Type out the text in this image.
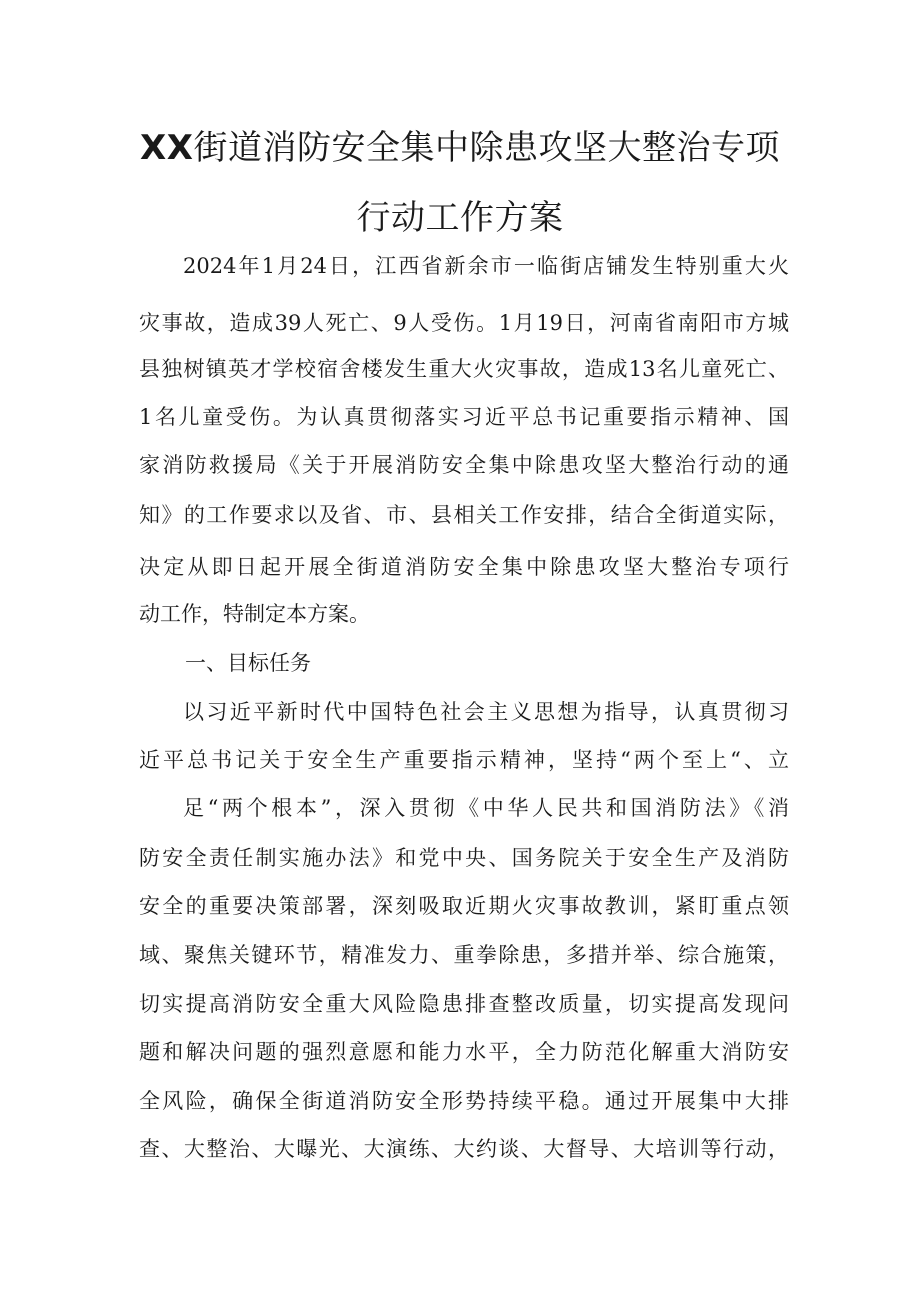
XX街道消防安全集中除患攻坚大整治专项
行动工作方案
2024年1月24日，江西省新余市一临街店铺发生特别重大火
灾事故，造成39人死亡、9人受伤。1月19日，河南省南阳市方城
县独树镇英才学校宿舍楼发生重大火灾事故，造成13名儿童死亡、
1名儿童受伤。为认真贯彻落实习近平总书记重要指示精神、国
家消防救援局《关于开展消防安全集中除患攻坚大整治行动的通
知》的工作要求以及省、市、县相关工作安排，结合全街道实际，
决定从即日起开展全街道消防安全集中除患攻坚大整治专项行
动工作，特制定本方案。
一、目标任务
以习近平新时代中国特色社会主义思想为指导，认真贯彻习
近平总书记关于安全生产重要指示精神，坚持“两个至上“、立
足“两个根本”，深入贯彻《中华人民共和国消防法》《消
防安全责任制实施办法》和党中央、国务院关于安全生产及消防
安全的重要决策部署，深刻吸取近期火灾事故教训，紧盯重点领
域、聚焦关键环节，精准发力、重拳除患，多措并举、综合施策，
切实提高消防安全重大风险隐患排查整改质量，切实提高发现问
题和解决问题的强烈意愿和能力水平，全力防范化解重大消防安
全风险，确保全街道消防安全形势持续平稳。通过开展集中大排
查、大整治、大曝光、大演练、大约谈、大督导、大培训等行动，
